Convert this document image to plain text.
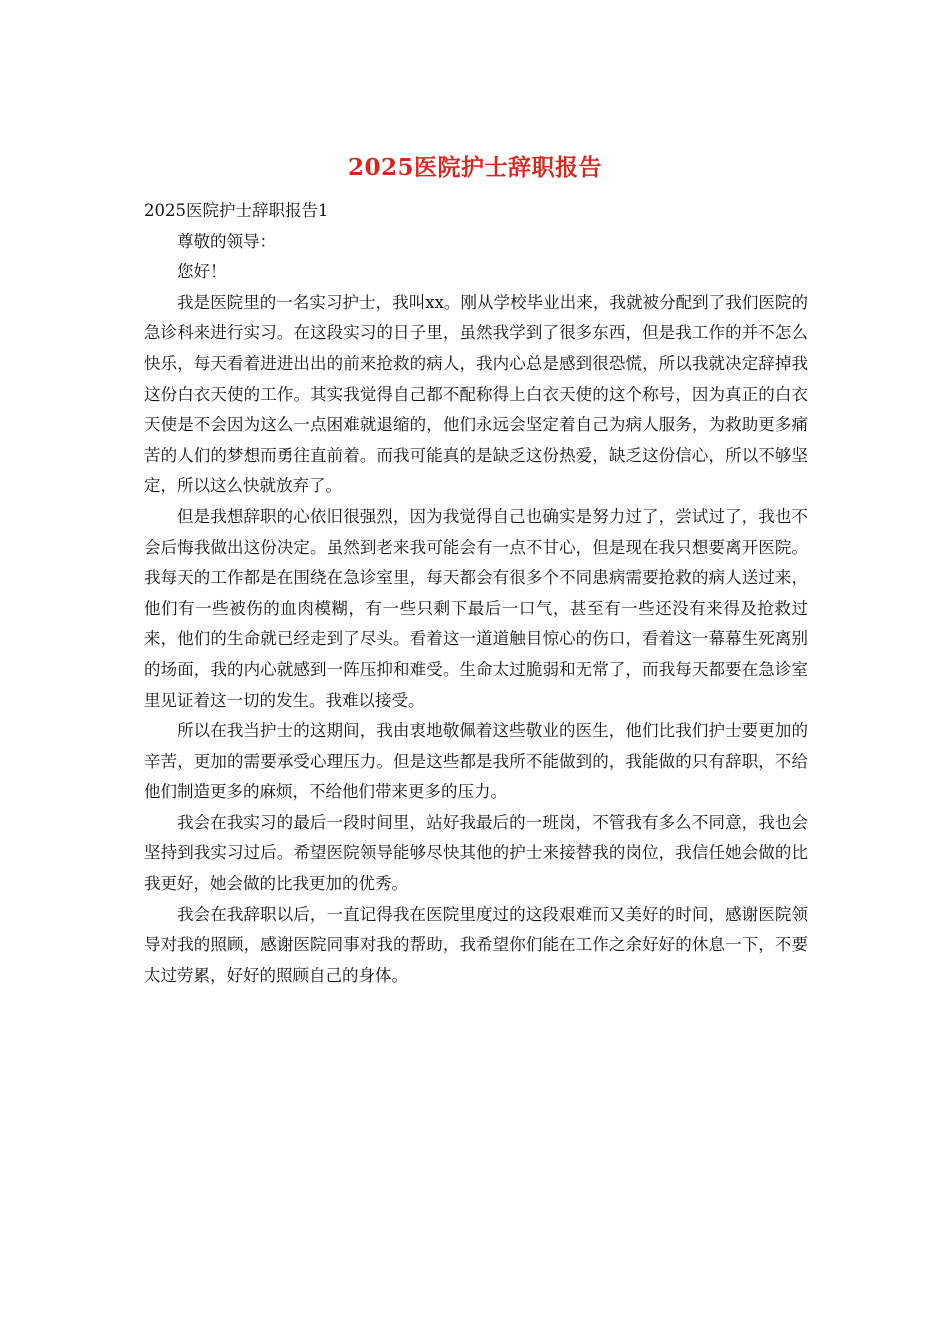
2025医院护士辞职报告

2025医院护士辞职报告1

尊敬的领导：

您好！

我是医院里的一名实习护士，我叫xx。刚从学校毕业出来，我就被分配到了我们医院的急诊科来进行实习。在这段实习的日子里，虽然我学到了很多东西，但是我工作的并不怎么快乐，每天看着进进出出的前来抢救的病人，我内心总是感到很恐慌，所以我就决定辞掉我这份白衣天使的工作。其实我觉得自己都不配称得上白衣天使的这个称号，因为真正的白衣天使是不会因为这么一点困难就退缩的，他们永远会坚定着自己为病人服务，为救助更多痛苦的人们的梦想而勇往直前着。而我可能真的是缺乏这份热爱，缺乏这份信心，所以不够坚定，所以这么快就放弃了。

但是我想辞职的心依旧很强烈，因为我觉得自己也确实是努力过了，尝试过了，我也不会后悔我做出这份决定。虽然到老来我可能会有一点不甘心，但是现在我只想要离开医院。我每天的工作都是在围绕在急诊室里，每天都会有很多个不同患病需要抢救的病人送过来，他们有一些被伤的血肉模糊，有一些只剩下最后一口气，甚至有一些还没有来得及抢救过来，他们的生命就已经走到了尽头。看着这一道道触目惊心的伤口，看着这一幕幕生死离别的场面，我的内心就感到一阵压抑和难受。生命太过脆弱和无常了，而我每天都要在急诊室里见证着这一切的发生。我难以接受。

所以在我当护士的这期间，我由衷地敬佩着这些敬业的医生，他们比我们护士要更加的辛苦，更加的需要承受心理压力。但是这些都是我所不能做到的，我能做的只有辞职，不给他们制造更多的麻烦，不给他们带来更多的压力。

我会在我实习的最后一段时间里，站好我最后的一班岗，不管我有多么不同意，我也会坚持到我实习过后。希望医院领导能够尽快其他的护士来接替我的岗位，我信任她会做的比我更好，她会做的比我更加的优秀。

我会在我辞职以后，一直记得我在医院里度过的这段艰难而又美好的时间，感谢医院领导对我的照顾，感谢医院同事对我的帮助，我希望你们能在工作之余好好的休息一下，不要太过劳累，好好的照顾自己的身体。
